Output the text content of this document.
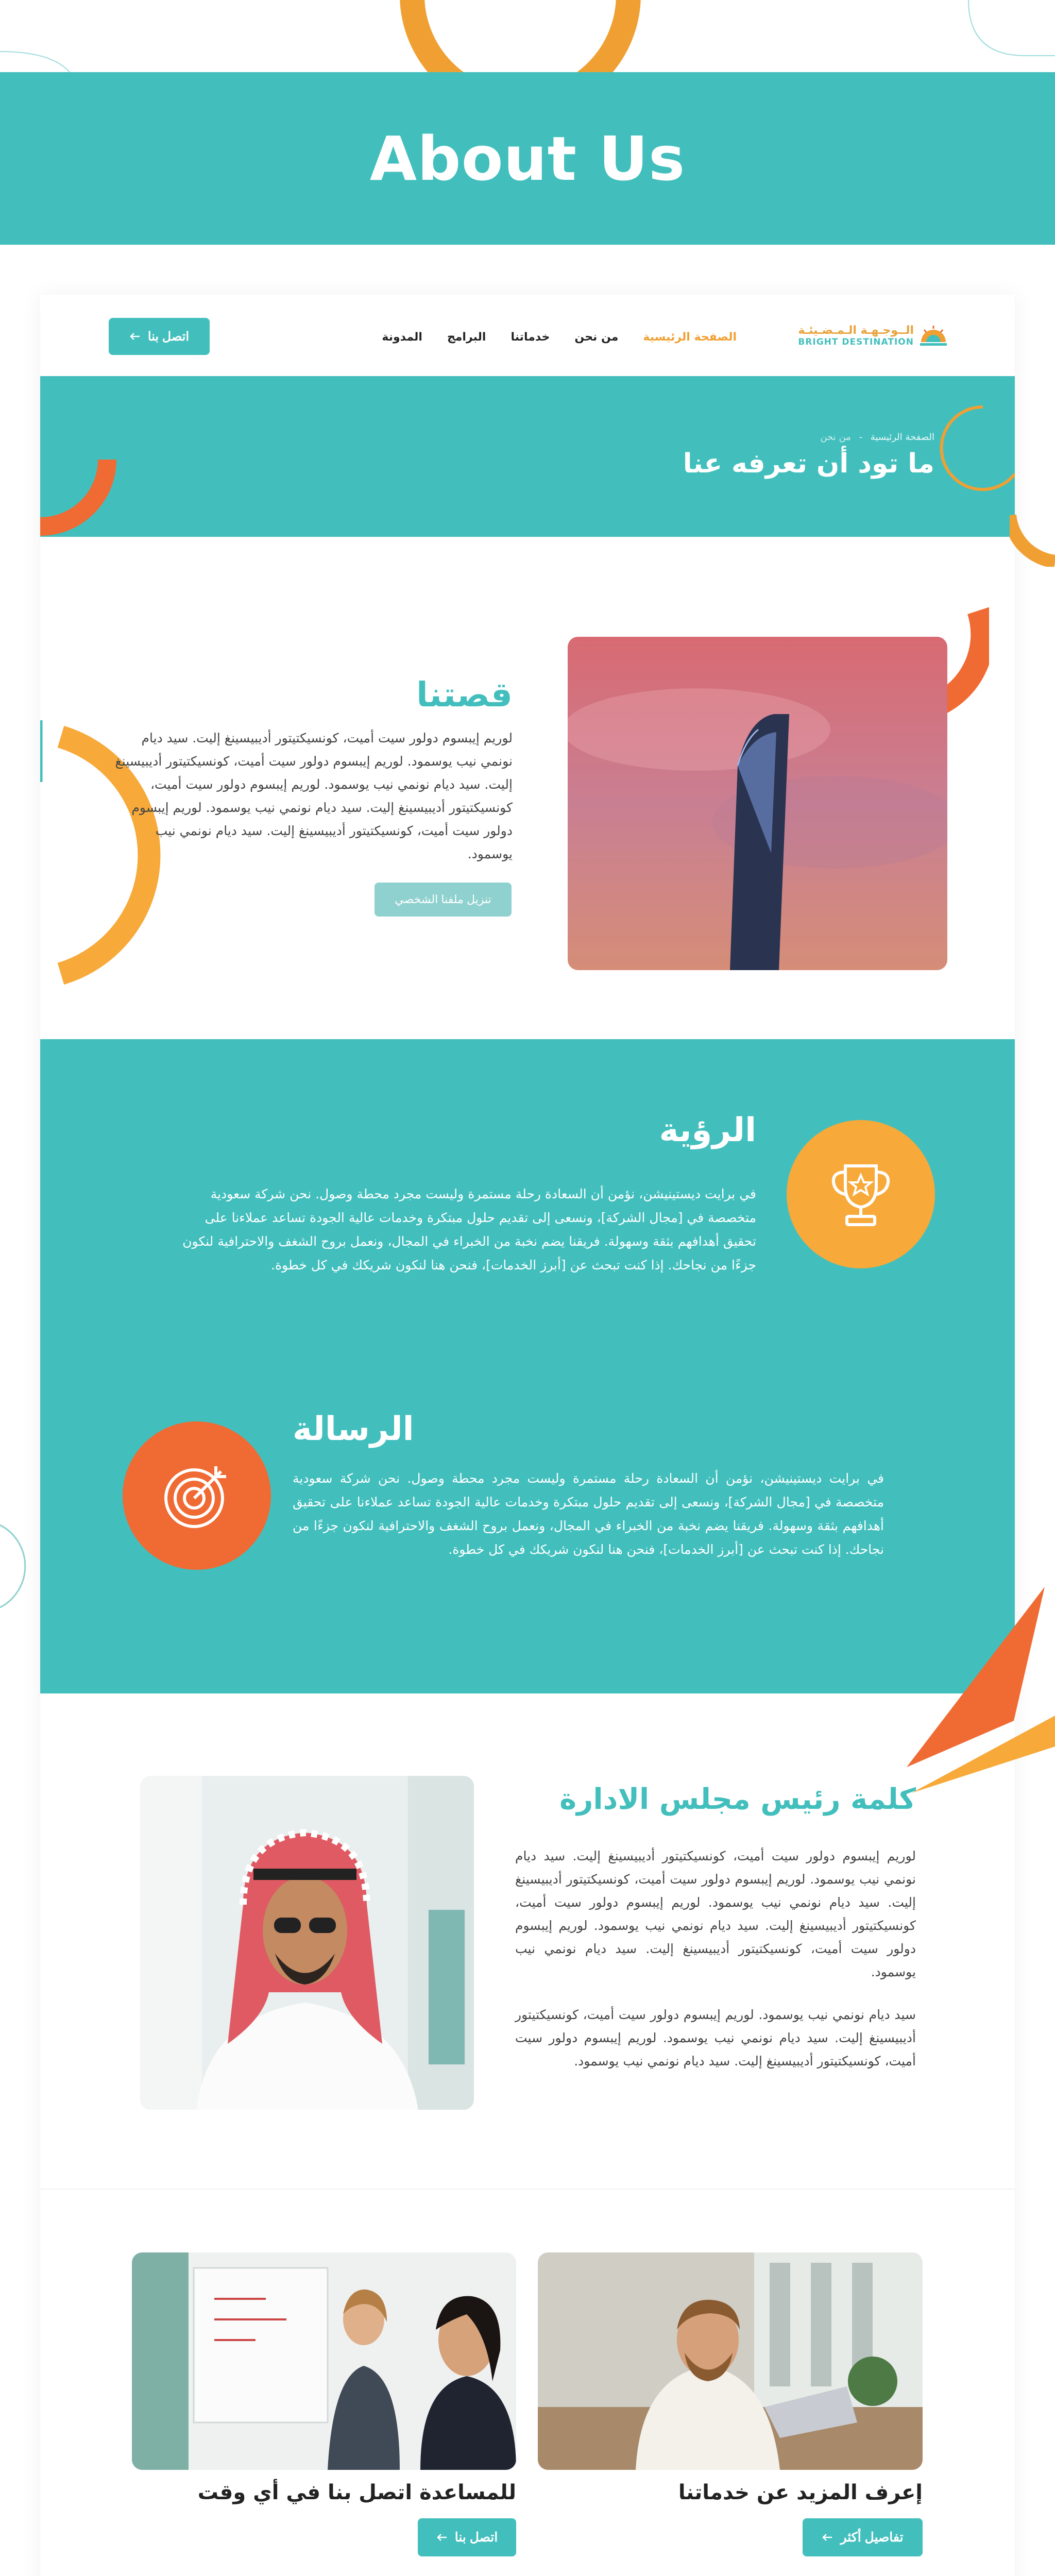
About Us
الــوجـهـة الـمـضـيئـة
BRIGHT DESTINATION
الصفحة الرئيسية
من نحن
خدماتنا
البرامج
المدونة
اتصل بنا
الصفحة الرئيسية - من نحن
ما تود أن تعرفه عنا
قصتنا

لوريم إيبسوم دولور سيت أميت، كونسيكتيتور أديبيسينغ إليت. سيد ديام نونمي نيب يوسمود. لوريم إيبسوم دولور سيت أميت، كونسيكتيتور أديبيسينغ إليت. سيد ديام نونمي نيب يوسمود. لوريم إيبسوم دولور سيت أميت، كونسيكتيتور أديبيسينغ إليت. سيد ديام نونمي نيب يوسمود. لوريم إيبسوم دولور سيت أميت، كونسيكتيتور أديبيسينغ إليت. سيد ديام نونمي نيب يوسمود.

تنزيل ملفنا الشخصي
الرؤية

في برايت ديستينيشن، نؤمن أن السعادة رحلة مستمرة وليست مجرد محطة وصول. نحن شركة سعودية متخصصة في [مجال الشركة]، ونسعى إلى تقديم حلول مبتكرة وخدمات عالية الجودة تساعد عملاءنا على تحقيق أهدافهم بثقة وسهولة. فريقنا يضم نخبة من الخبراء في المجال، ونعمل بروح الشغف والاحترافية لنكون جزءًا من نجاحك. إذا كنت تبحث عن [أبرز الخدمات]، فنحن هنا لنكون شريكك في كل خطوة.

الرسالة

في برايت ديستينيشن، نؤمن أن السعادة رحلة مستمرة وليست مجرد محطة وصول. نحن شركة سعودية متخصصة في [مجال الشركة]، ونسعى إلى تقديم حلول مبتكرة وخدمات عالية الجودة تساعد عملاءنا على تحقيق أهدافهم بثقة وسهولة. فريقنا يضم نخبة من الخبراء في المجال، ونعمل بروح الشغف والاحترافية لنكون جزءًا من نجاحك. إذا كنت تبحث عن [أبرز الخدمات]، فنحن هنا لنكون شريكك في كل خطوة.

كلمة رئيس مجلس الادارة

لوريم إيبسوم دولور سيت أميت، كونسيكتيتور أديبيسينغ إليت. سيد ديام نونمي نيب يوسمود. لوريم إيبسوم دولور سيت أميت، كونسيكتيتور أديبيسينغ إليت. سيد ديام نونمي نيب يوسمود. لوريم إيبسوم دولور سيت أميت، كونسيكتيتور أديبيسينغ إليت. سيد ديام نونمي نيب يوسمود. لوريم إيبسوم دولور سيت أميت، كونسيكتيتور أديبيسينغ إليت. سيد ديام نونمي نيب يوسمود.

سيد ديام نونمي نيب يوسمود. لوريم إيبسوم دولور سيت أميت، كونسيكتيتور أديبيسينغ إليت. سيد ديام نونمي نيب يوسمود. لوريم إيبسوم دولور سيت أميت، كونسيكتيتور أديبيسينغ إليت. سيد ديام نونمي نيب يوسمود.

إعرف المزيد عن خدماتنا
للمساعدة اتصل بنا في أي وقت
تفاصيل أكثر
اتصل بنا
